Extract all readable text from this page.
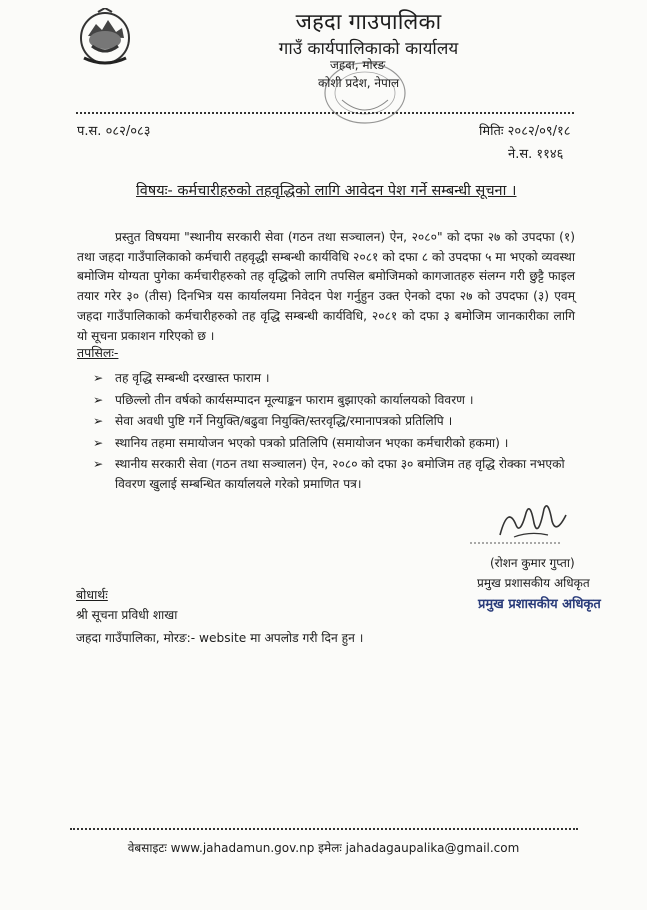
जहदा गाउपालिका
गाउँ कार्यपालिकाको कार्यालय
जहदा, मोरङ
कोशी प्रदेश, नेपाल
प.स. ०८२/०८३	मितिः २०८२/०९/१८
ने.स. ११४६
विषयः- कर्मचारीहरुको तहवृद्धिको लागि आवेदन पेश गर्ने सम्बन्धी सूचना ।
प्रस्तुत विषयमा "स्थानीय सरकारी सेवा (गठन तथा सञ्चालन) ऐन, २०८०" को दफा २७ को उपदफा (१) तथा जहदा गाउँपालिकाको कर्मचारी तहवृद्धी सम्बन्धी कार्यविधि २०८१ को दफा ८ को उपदफा ५ मा भएको व्यवस्था बमोजिम योग्यता पुगेका कर्मचारीहरुको तह वृद्धिको लागि तपसिल बमोजिमको कागजातहरु संलग्न गरी छुट्टै फाइल तयार गरेर ३० (तीस) दिनभित्र यस कार्यालयमा निवेदन पेश गर्नुहुन उक्त ऐनको दफा २७ को उपदफा (३) एवम् जहदा गाउँपालिकाको कर्मचारीहरुको तह वृद्धि सम्बन्धी कार्यविधि, २०८१ को दफा ३ बमोजिम जानकारीका लागि यो सूचना प्रकाशन गरिएको छ ।
तपसिलः-
➢ तह वृद्धि सम्बन्धी दरखास्त फाराम ।
➢ पछिल्लो तीन वर्षको कार्यसम्पादन मूल्याङ्कन फाराम बुझाएको कार्यालयको विवरण ।
➢ सेवा अवधी पुष्टि गर्ने नियुक्ति/बढुवा नियुक्ति/स्तरवृद्धि/रमानापत्रको प्रतिलिपि ।
➢ स्थानिय तहमा समायोजन भएको पत्रको प्रतिलिपि (समायोजन भएका कर्मचारीको हकमा) ।
➢ स्थानीय सरकारी सेवा (गठन तथा सञ्चालन) ऐन, २०८० को दफा ३० बमोजिम तह वृद्धि रोक्का नभएको विवरण खुलाई सम्बन्धित कार्यालयले गरेको प्रमाणित पत्र।
(रोशन कुमार गुप्ता)
प्रमुख प्रशासकीय अधिकृत
प्रमुख प्रशासकीय अधिकृत
बोधार्थः
श्री सूचना प्रविधी शाखा
जहदा गाउँपालिका, मोरङ:- website मा अपलोड गरी दिन हुन ।
वेबसाइटः www.jahadamun.gov.np इमेलः jahadagaupalika@gmail.com
